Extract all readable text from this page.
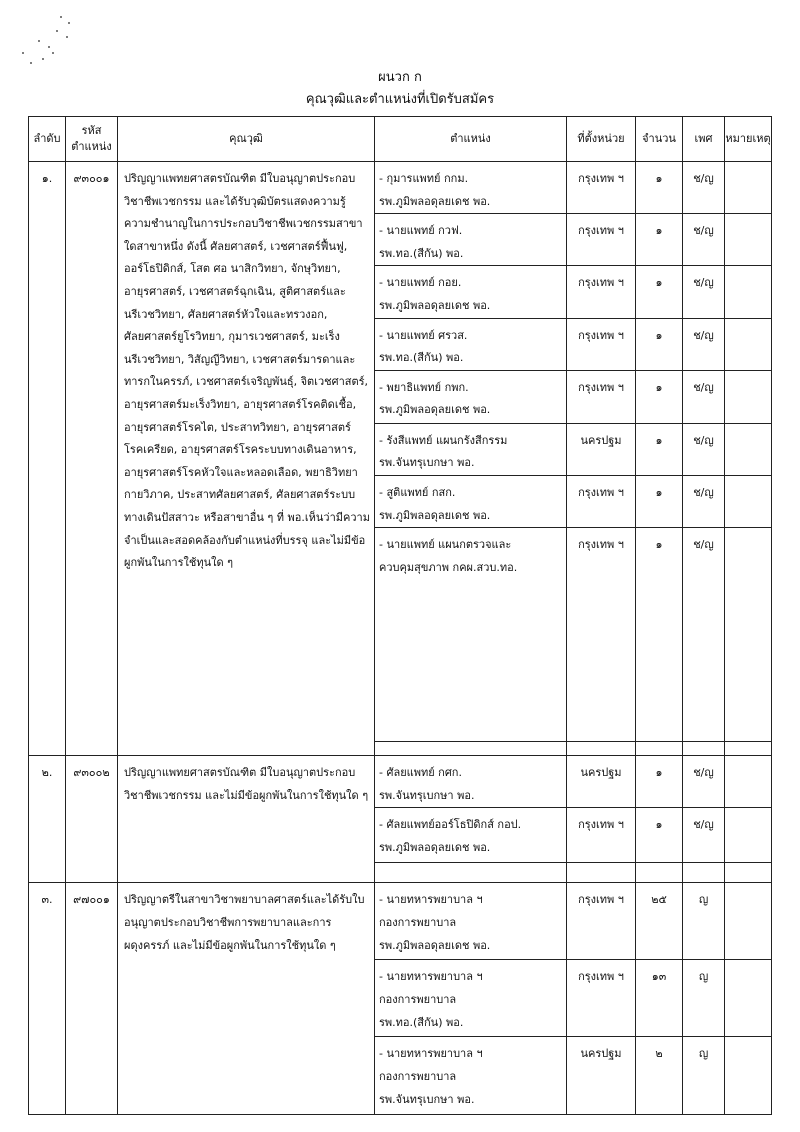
ผนวก ก
คุณวุฒิและตำแหน่งที่เปิดรับสมัคร
ลำดับ	รหัส ตำแหน่ง	คุณวุฒิ	ตำแหน่ง	ที่ตั้งหน่วย	จำนวน	เพศ	หมายเหตุ
๑.	๙๓๐๐๑	ปริญญาแพทยศาสตรบัณฑิต มีใบอนุญาตประกอบวิชาชีพเวชกรรม และได้รับวุฒิบัตรแสดงความรู้ความชำนาญในการประกอบวิชาชีพเวชกรรมสาขาใดสาขาหนึ่ง ดังนี้ ศัลยศาสตร์, เวชศาสตร์ฟื้นฟู, ออร์โธปิดิกส์, โสต ศอ นาสิกวิทยา, จักษุวิทยา, อายุรศาสตร์, เวชศาสตร์ฉุกเฉิน, สูติศาสตร์และนรีเวชวิทยา, ศัลยศาสตร์หัวใจและทรวงอก, ศัลยศาสตร์ยูโรวิทยา, กุมารเวชศาสตร์, มะเร็งนรีเวชวิทยา, วิสัญญีวิทยา, เวชศาสตร์มารดาและทารกในครรภ์, เวชศาสตร์เจริญพันธุ์, จิตเวชศาสตร์, อายุรศาสตร์มะเร็งวิทยา, อายุรศาสตร์โรคติดเชื้อ, อายุรศาสตร์โรคไต, ประสาทวิทยา, อายุรศาสตร์โรคเครียด, อายุรศาสตร์โรคระบบทางเดินอาหาร, อายุรศาสตร์โรคหัวใจและหลอดเลือด, พยาธิวิทยากายวิภาค, ประสาทศัลยศาสตร์, ศัลยศาสตร์ระบบทางเดินปัสสาวะ หรือสาขาอื่น ๆ ที่ พอ.เห็นว่ามีความจำเป็นและสอดคล้องกับตำแหน่งที่บรรจุ และไม่มีข้อผูกพันในการใช้ทุนใด ๆ	- กุมารแพทย์ กกม.
รพ.ภูมิพลอดุลยเดช พอ.	กรุงเทพ ฯ	๑	ช/ญ	

			- นายแพทย์ กวฟ.
รพ.ทอ.(สีกัน) พอ.	กรุงเทพ ฯ	๑	ช/ญ	

			- นายแพทย์ กอย.
รพ.ภูมิพลอดุลยเดช พอ.	กรุงเทพ ฯ	๑	ช/ญ	

			- นายแพทย์ ศรวส.
รพ.ทอ.(สีกัน) พอ.	กรุงเทพ ฯ	๑	ช/ญ	

			- พยาธิแพทย์ กพก.
รพ.ภูมิพลอดุลยเดช พอ.	กรุงเทพ ฯ	๑	ช/ญ	

			- รังสีแพทย์ แผนกรังสีกรรม
รพ.จันทรุเบกษา พอ.	นครปฐม	๑	ช/ญ	

			- สูติแพทย์ กสก.
รพ.ภูมิพลอดุลยเดช พอ.	กรุงเทพ ฯ	๑	ช/ญ	

			- นายแพทย์ แผนกตรวจและ
ควบคุมสุขภาพ กคผ.สวบ.ทอ.	กรุงเทพ ฯ	๑	ช/ญ	

๒.	๙๓๐๐๒	ปริญญาแพทยศาสตรบัณฑิต มีใบอนุญาตประกอบวิชาชีพเวชกรรม และไม่มีข้อผูกพันในการใช้ทุนใด ๆ	- ศัลยแพทย์ กศก.
รพ.จันทรุเบกษา พอ.	นครปฐม	๑	ช/ญ	

			- ศัลยแพทย์ออร์โธปิดิกส์ กอป.
รพ.ภูมิพลอดุลยเดช พอ.	กรุงเทพ ฯ	๑	ช/ญ	

๓.	๙๗๐๐๑	ปริญญาตรีในสาขาวิชาพยาบาลศาสตร์และได้รับใบอนุญาตประกอบวิชาชีพการพยาบาลและการผดุงครรภ์ และไม่มีข้อผูกพันในการใช้ทุนใด ๆ	- นายทหารพยาบาล ฯ
กองการพยาบาล
รพ.ภูมิพลอดุลยเดช พอ.	กรุงเทพ ฯ	๒๕	ญ	

			- นายทหารพยาบาล ฯ
กองการพยาบาล
รพ.ทอ.(สีกัน) พอ.	กรุงเทพ ฯ	๑๓	ญ	

			- นายทหารพยาบาล ฯ
กองการพยาบาล
รพ.จันทรุเบกษา พอ.	นครปฐม	๒	ญ	
